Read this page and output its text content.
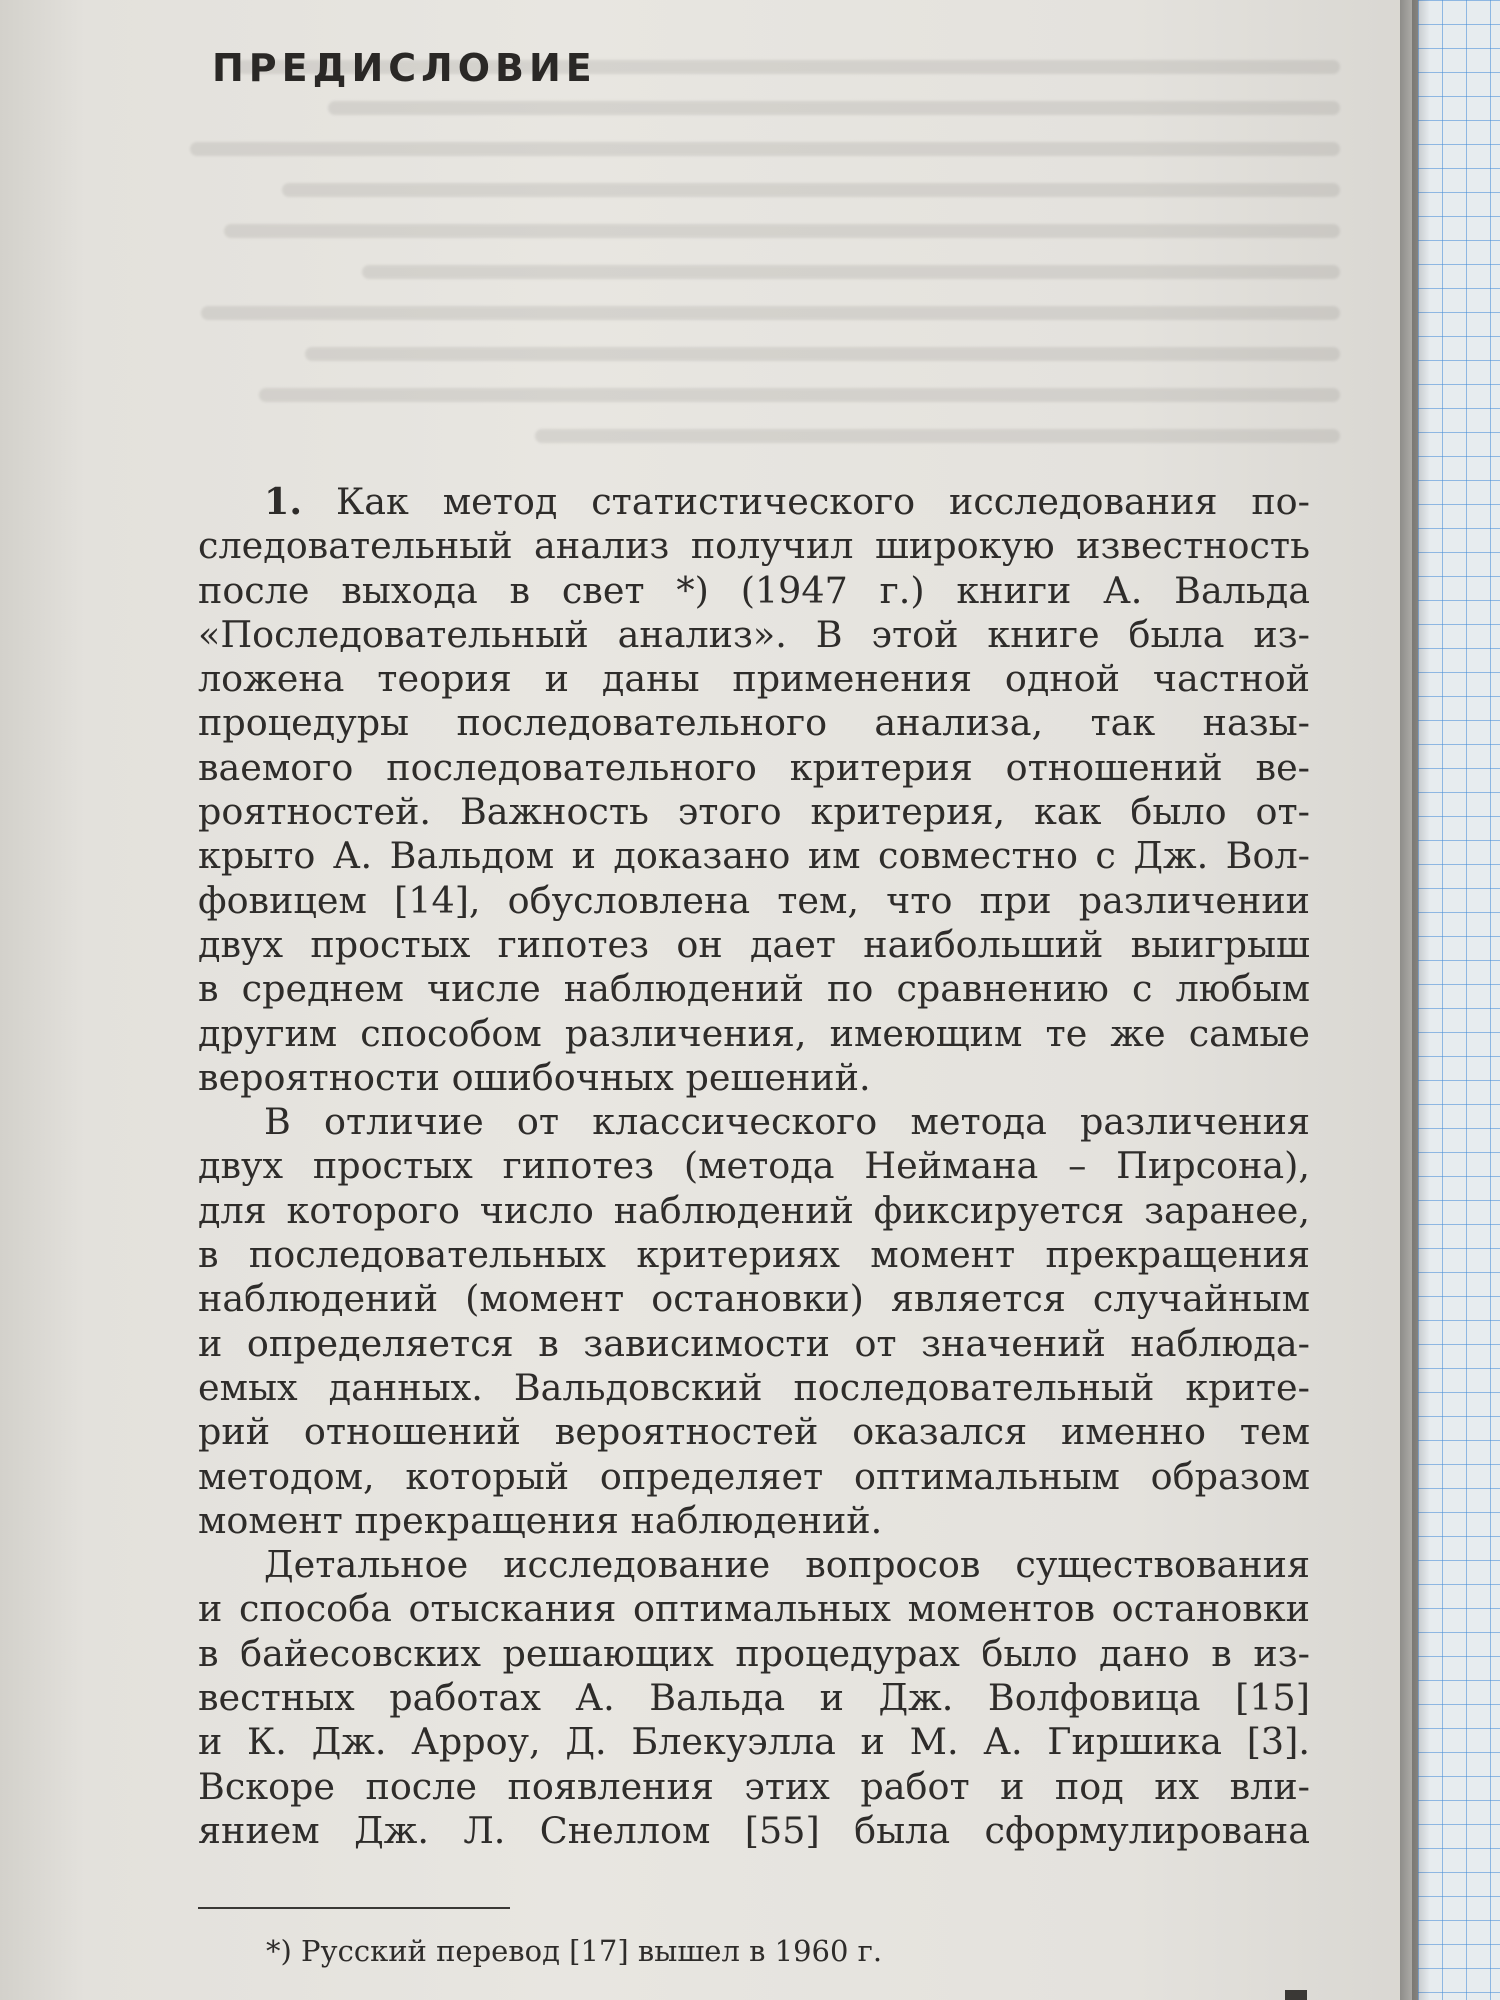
ПРЕДИСЛОВИЕ
1. Как метод статистического исследования по-
следовательный анализ получил широкую известность
после выхода в свет *) (1947 г.) книги А. Вальда
«Последовательный анализ». В этой книге была из-
ложена теория и даны применения одной частной
процедуры последовательного анализа, так назы-
ваемого последовательного критерия отношений ве-
роятностей. Важность этого критерия, как было от-
крыто А. Вальдом и доказано им совместно с Дж. Вол-
фовицем [14], обусловлена тем, что при различении
двух простых гипотез он дает наибольший выигрыш
в среднем числе наблюдений по сравнению с любым
другим способом различения, имеющим те же самые
вероятности ошибочных решений.
В отличие от классического метода различения
двух простых гипотез (метода Неймана – Пирсона),
для которого число наблюдений фиксируется заранее,
в последовательных критериях момент прекращения
наблюдений (момент остановки) является случайным
и определяется в зависимости от значений наблюда-
емых данных. Вальдовский последовательный крите-
рий отношений вероятностей оказался именно тем
методом, который определяет оптимальным образом
момент прекращения наблюдений.
Детальное исследование вопросов существования
и способа отыскания оптимальных моментов остановки
в байесовских решающих процедурах было дано в из-
вестных работах А. Вальда и Дж. Волфовица [15]
и К. Дж. Арроу, Д. Блекуэлла и М. А. Гиршика [3].
Вскоре после появления этих работ и под их вли-
янием Дж. Л. Снеллом [55] была сформулирована
*) Русский перевод [17] вышел в 1960 г.
